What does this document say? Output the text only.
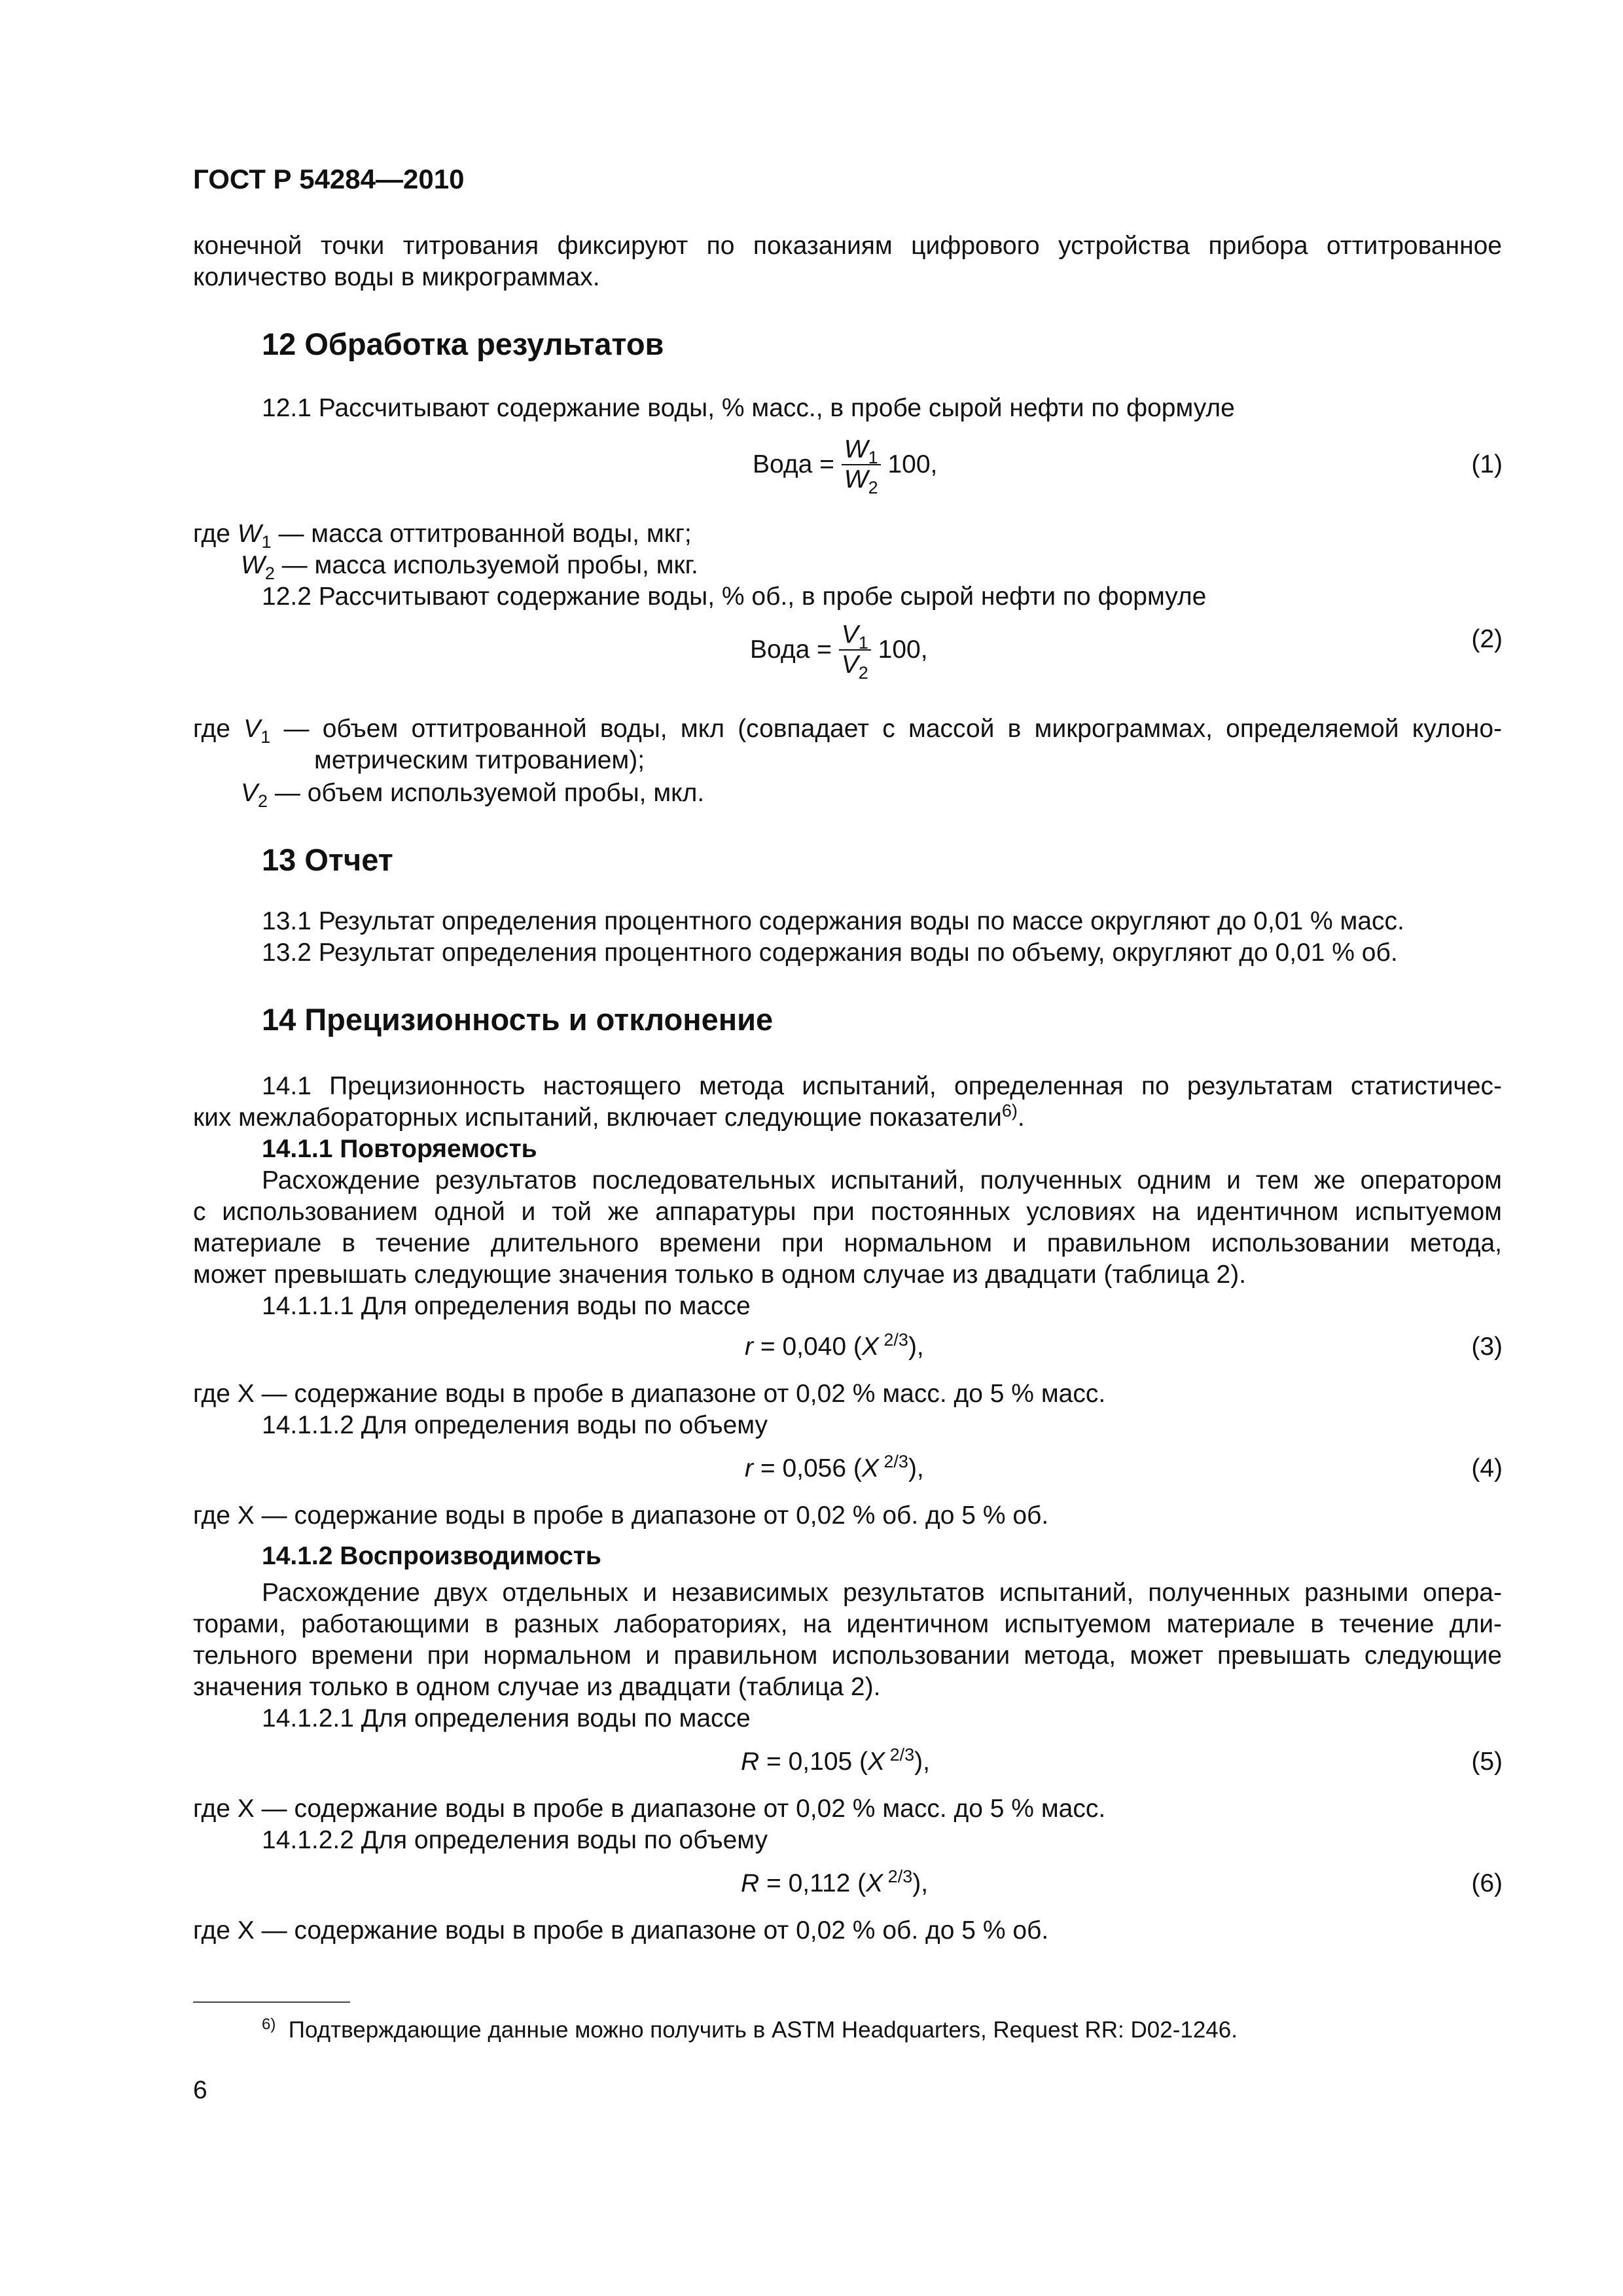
ГОСТ Р 54284—2010
конечной точки титрования фиксируют по показаниям цифрового устройства прибора оттитрованное
количество воды в микрограммах.
12 Обработка результатов
12.1 Рассчитывают содержание воды, % масс., в пробе сырой нефти по формуле
Вода = $\frac{W_1}{W_2} 100$,	(1)
где $W_1$ — масса оттитрованной воды, мкг;
$W_2$ — масса используемой пробы, мкг.
12.2 Рассчитывают содержание воды, % об., в пробе сырой нефти по формуле
Вода = $\frac{V_1}{V_2} 100$,	(2)
где $V_1$ — объем оттитрованной воды, мкл (совпадает с массой в микрограммах, определяемой кулоно-
метрическим титрованием);
$V_2$ — объем используемой пробы, мкл.
13 Отчет
13.1 Результат определения процентного содержания воды по массе округляют до 0,01 % масс.
13.2 Результат определения процентного содержания воды по объему, округляют до 0,01 % об.
14 Прецизионность и отклонение
14.1 Прецизионность настоящего метода испытаний, определенная по результатам статистичес-
ких межлабораторных испытаний, включает следующие показатели$^{6)}$.
14.1.1 Повторяемость
Расхождение результатов последовательных испытаний, полученных одним и тем же оператором
с использованием одной и той же аппаратуры при постоянных условиях на идентичном испытуемом
материале в течение длительного времени при нормальном и правильном использовании метода,
может превышать следующие значения только в одном случае из двадцати (таблица 2).
14.1.1.1 Для определения воды по массе
r = 0,040 (X $^{2/3}$),	(3)
где X — содержание воды в пробе в диапазоне от 0,02 % масс. до 5 % масс.
14.1.1.2 Для определения воды по объему
r = 0,056 (X $^{2/3}$),	(4)
где X — содержание воды в пробе в диапазоне от 0,02 % об. до 5 % об.
14.1.2 Воспроизводимость
Расхождение двух отдельных и независимых результатов испытаний, полученных разными опера-
торами, работающими в разных лабораториях, на идентичном испытуемом материале в течение дли-
тельного времени при нормальном и правильном использовании метода, может превышать следующие
значения только в одном случае из двадцати (таблица 2).
14.1.2.1 Для определения воды по массе
R = 0,105 (X $^{2/3}$),	(5)
где X — содержание воды в пробе в диапазоне от 0,02 % масс. до 5 % масс.
14.1.2.2 Для определения воды по объему
R = 0,112 (X $^{2/3}$),	(6)
где X — содержание воды в пробе в диапазоне от 0,02 % об. до 5 % об.
$^{6)}$ Подтверждающие данные можно получить в ASTM Headquarters, Request RR: D02-1246.
6
